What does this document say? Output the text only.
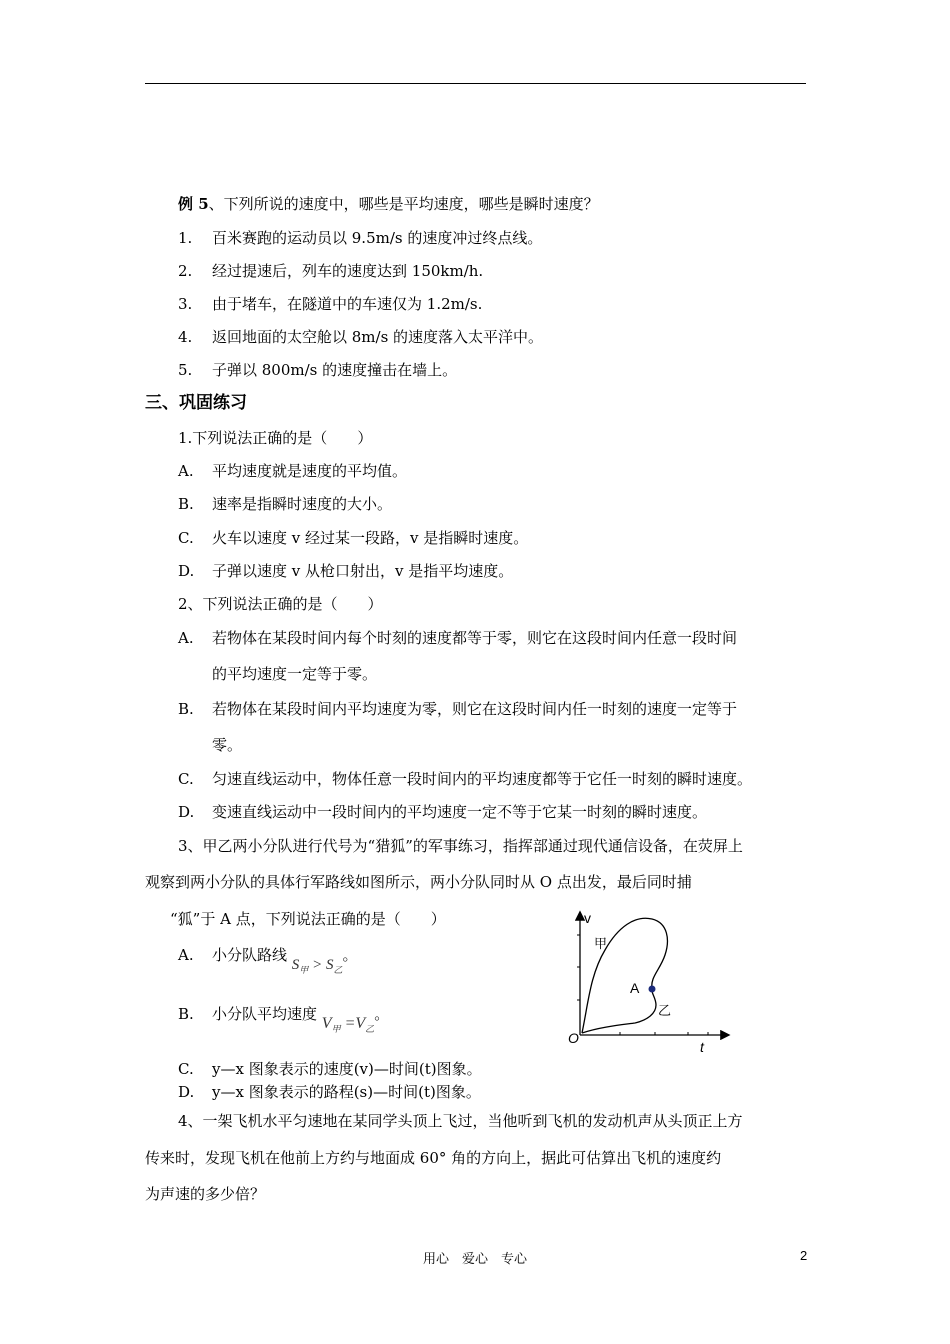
例 5、下列所说的速度中，哪些是平均速度，哪些是瞬时速度？
1. 百米赛跑的运动员以 9.5m/s 的速度冲过终点线。
2. 经过提速后，列车的速度达到 150km/h.
3. 由于堵车，在隧道中的车速仅为 1.2m/s.
4. 返回地面的太空舱以 8m/s 的速度落入太平洋中。
5. 子弹以 800m/s 的速度撞击在墙上。
三、巩固练习
1.下列说法正确的是（　　）
A. 平均速度就是速度的平均值。
B. 速率是指瞬时速度的大小。
C. 火车以速度 v 经过某一段路，v 是指瞬时速度。
D. 子弹以速度 v 从枪口射出，v 是指平均速度。
2、下列说法正确的是（　　）
A. 若物体在某段时间内每个时刻的速度都等于零，则它在这段时间内任意一段时间
的平均速度一定等于零。
B. 若物体在某段时间内平均速度为零，则它在这段时间内任一时刻的速度一定等于
零。
C. 匀速直线运动中，物体任意一段时间内的平均速度都等于它任一时刻的瞬时速度。
D. 变速直线运动中一段时间内的平均速度一定不等于它某一时刻的瞬时速度。
3、甲乙两小分队进行代号为“猎狐”的军事练习，指挥部通过现代通信设备，在荧屏上
观察到两小分队的具体行军路线如图所示，两小分队同时从 O 点出发，最后同时捕
“狐”于 A 点，下列说法正确的是（　　）
A. 小分队路线 $S_甲 > S_乙$。
B. 小分队平均速度 $V_甲 =V_乙$。
C. y—x 图象表示的速度(v)—时间(t)图象。
D. y—x 图象表示的路程(s)—时间(t)图象。
v
t
O
A
甲
乙
4、一架飞机水平匀速地在某同学头顶上飞过，当他听到飞机的发动机声从头顶正上方
传来时，发现飞机在他前上方约与地面成 60° 角的方向上，据此可估算出飞机的速度约
为声速的多少倍？
用心　爱心　专心	2
